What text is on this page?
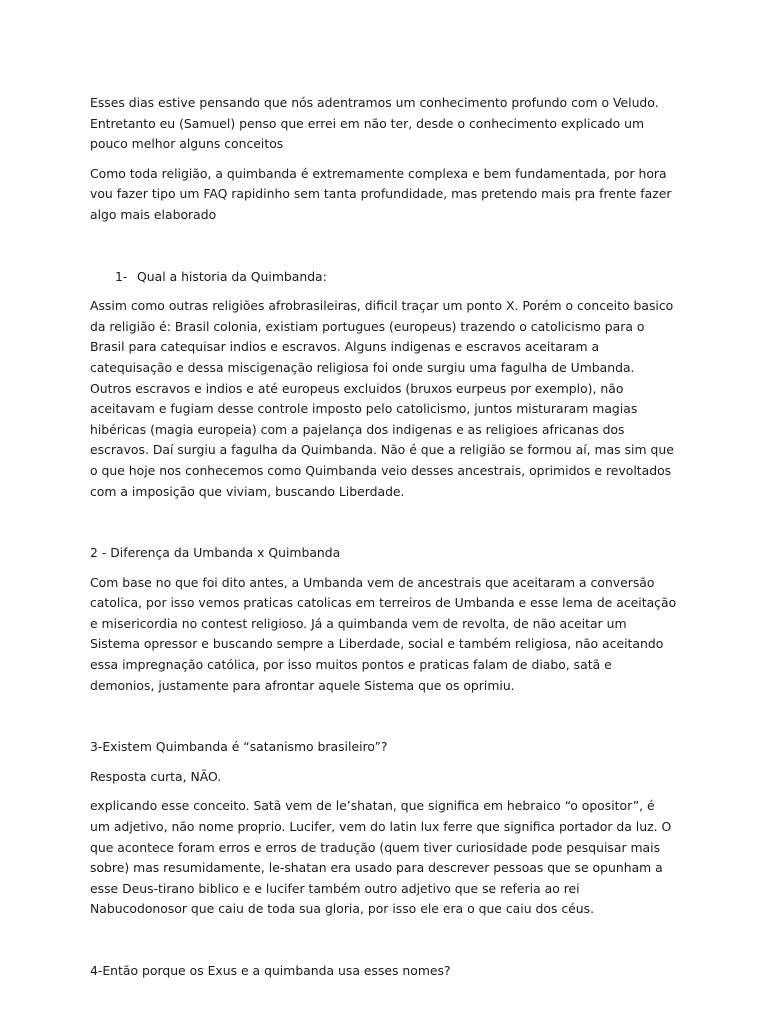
Esses dias estive pensando que nós adentramos um conhecimento profundo com o Veludo. Entretanto eu (Samuel) penso que errei em não ter, desde o conhecimento explicado um pouco melhor alguns conceitos

Como toda religião, a quimbanda é extremamente complexa e bem fundamentada, por hora vou fazer tipo um FAQ rapidinho sem tanta profundidade, mas pretendo mais pra frente fazer algo mais elaborado

1- Qual a historia da Quimbanda:

Assim como outras religiões afrobrasileiras, dificil traçar um ponto X. Porém o conceito basico da religião é: Brasil colonia, existiam portugues (europeus) trazendo o catolicismo para o Brasil para catequisar indios e escravos. Alguns indigenas e escravos aceitaram a catequisação e dessa miscigenação religiosa foi onde surgiu uma fagulha de Umbanda. Outros escravos e indios e até europeus excluidos (bruxos eurpeus por exemplo), não aceitavam e fugiam desse controle imposto pelo catolicismo, juntos misturaram magias hibéricas (magia europeia) com a pajelança dos indigenas e as religioes africanas dos escravos. Daí surgiu a fagulha da Quimbanda. Não é que a religião se formou aí, mas sim que o que hoje nos conhecemos como Quimbanda veio desses ancestrais, oprimidos e revoltados com a imposição que viviam, buscando Liberdade.

2 - Diferença da Umbanda x Quimbanda

Com base no que foi dito antes, a Umbanda vem de ancestrais que aceitaram a conversão catolica, por isso vemos praticas catolicas em terreiros de Umbanda e esse lema de aceitação e misericordia no contest religioso. Já a quimbanda vem de revolta, de não aceitar um Sistema opressor e buscando sempre a Liberdade, social e também religiosa, não aceitando essa impregnação católica, por isso muitos pontos e praticas falam de diabo, satã e demonios, justamente para afrontar aquele Sistema que os oprimiu.

3-Existem Quimbanda é “satanismo brasileiro”?

Resposta curta, NÃO.

explicando esse conceito. Satã vem de le’shatan, que significa em hebraico “o opositor”, é um adjetivo, não nome proprio. Lucifer, vem do latin lux ferre que significa portador da luz. O que acontece foram erros e erros de tradução (quem tiver curiosidade pode pesquisar mais sobre) mas resumidamente, le-shatan era usado para descrever pessoas que se opunham a esse Deus-tirano biblico e e lucifer também outro adjetivo que se referia ao rei Nabucodonosor que caiu de toda sua gloria, por isso ele era o que caiu dos céus.

4-Então porque os Exus e a quimbanda usa esses nomes?
